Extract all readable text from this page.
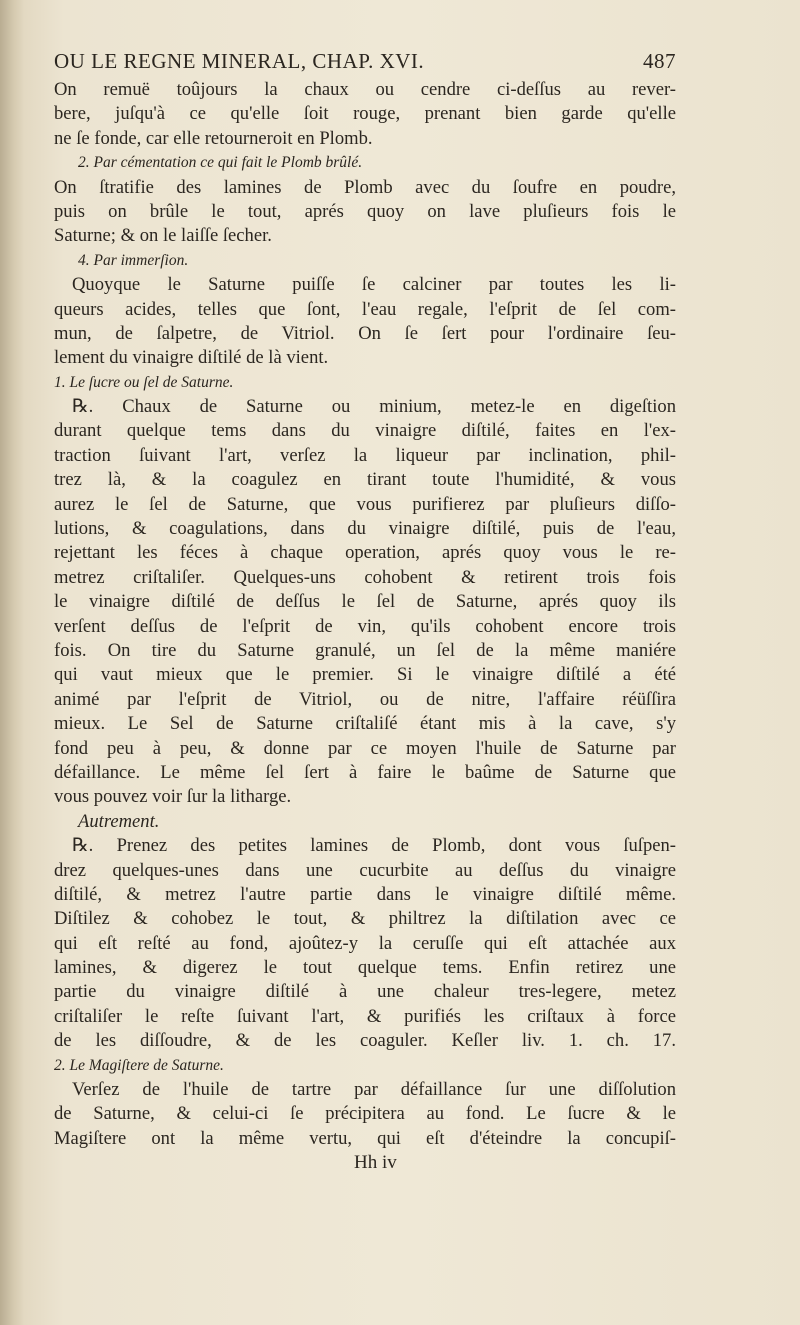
OU LE REGNE MINERAL, CHAP. XVI.	487
On remuë toûjours la chaux ou cendre ci-deſſus au rever-
bere, juſqu'à ce qu'elle ſoit rouge, prenant bien garde qu'elle
ne ſe fonde, car elle retourneroit en Plomb.
2. Par cémentation ce qui fait le Plomb brûlé.
On ſtratifie des lamines de Plomb avec du ſoufre en poudre,
puis on brûle le tout, aprés quoy on lave pluſieurs fois le
Saturne; & on le laiſſe ſecher.
4. Par immerſion.
Quoyque le Saturne puiſſe ſe calciner par toutes les li-
queurs acides, telles que ſont, l'eau regale, l'eſprit de ſel com-
mun, de ſalpetre, de Vitriol. On ſe ſert pour l'ordinaire ſeu-
lement du vinaigre diſtilé de là vient.
1. Le ſucre ou ſel de Saturne.
℞. Chaux de Saturne ou minium, metez-le en digeſtion
durant quelque tems dans du vinaigre diſtilé, faites en l'ex-
traction ſuivant l'art, verſez la liqueur par inclination, phil-
trez là, & la coagulez en tirant toute l'humidité, & vous
aurez le ſel de Saturne, que vous purifierez par pluſieurs diſſo-
lutions, & coagulations, dans du vinaigre diſtilé, puis de l'eau,
rejettant les féces à chaque operation, aprés quoy vous le re-
metrez criſtaliſer. Quelques-uns cohobent & retirent trois fois
le vinaigre diſtilé de deſſus le ſel de Saturne, aprés quoy ils
verſent deſſus de l'eſprit de vin, qu'ils cohobent encore trois
fois. On tire du Saturne granulé, un ſel de la même maniére
qui vaut mieux que le premier. Si le vinaigre diſtilé a été
animé par l'eſprit de Vitriol, ou de nitre, l'affaire réüſſira
mieux. Le Sel de Saturne criſtaliſé étant mis à la cave, s'y
fond peu à peu, & donne par ce moyen l'huile de Saturne par
défaillance. Le même ſel ſert à faire le baûme de Saturne que
vous pouvez voir ſur la litharge.
Autrement.
℞. Prenez des petites lamines de Plomb, dont vous ſuſpen-
drez quelques-unes dans une cucurbite au deſſus du vinaigre
diſtilé, & metrez l'autre partie dans le vinaigre diſtilé même.
Diſtilez & cohobez le tout, & philtrez la diſtilation avec ce
qui eſt reſté au fond, ajoûtez-y la ceruſſe qui eſt attachée aux
lamines, & digerez le tout quelque tems. Enfin retirez une
partie du vinaigre diſtilé à une chaleur tres-legere, metez
criſtaliſer le reſte ſuivant l'art, & purifiés les criſtaux à force
de les diſſoudre, & de les coaguler. Keſler liv. 1. ch. 17.
2. Le Magiſtere de Saturne.
Verſez de l'huile de tartre par défaillance ſur une diſſolution
de Saturne, & celui-ci ſe précipitera au fond. Le ſucre & le
Magiſtere ont la même vertu, qui eſt d'éteindre la concupiſ-
Hh iv
